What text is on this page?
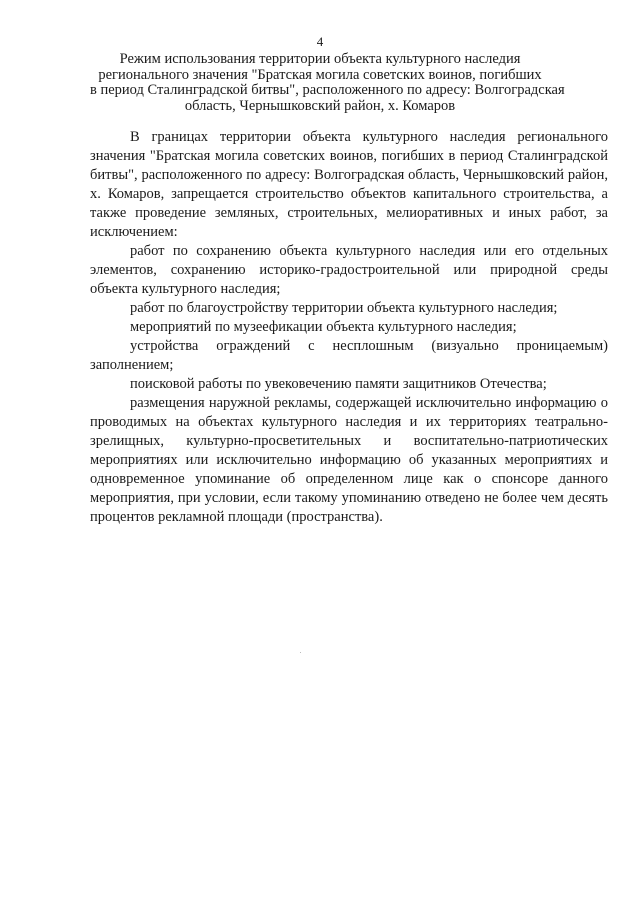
4
Режим использования территории объекта культурного наследия
регионального значения "Братская могила советских воинов, погибших
в период Сталинградской битвы", расположенного по адресу: Волгоградская
область, Чернышковский район, х. Комаров

В границах территории объекта культурного наследия регионального значения "Братская могила советских воинов, погибших в период Сталинградской битвы", расположенного по адресу: Волгоградская область, Чернышковский район, х. Комаров, запрещается строительство объектов капитального строительства, а также проведение земляных, строительных, мелиоративных и иных работ, за исключением:

работ по сохранению объекта культурного наследия или его отдельных элементов, сохранению историко-градостроительной или природной среды объекта культурного наследия;

работ по благоустройству территории объекта культурного наследия;

мероприятий по музеефикации объекта культурного наследия;

устройства ограждений с несплошным (визуально проницаемым) заполнением;

поисковой работы по увековечению памяти защитников Отечества;

размещения наружной рекламы, содержащей исключительно информацию о проводимых на объектах культурного наследия и их территориях театрально-зрелищных, культурно-просветительных и воспитательно-патриотических мероприятиях или исключительно информацию об указанных мероприятиях и одновременное упоминание об определенном лице как о спонсоре данного мероприятия, при условии, если такому упоминанию отведено не более чем десять процентов рекламной площади (пространства).
